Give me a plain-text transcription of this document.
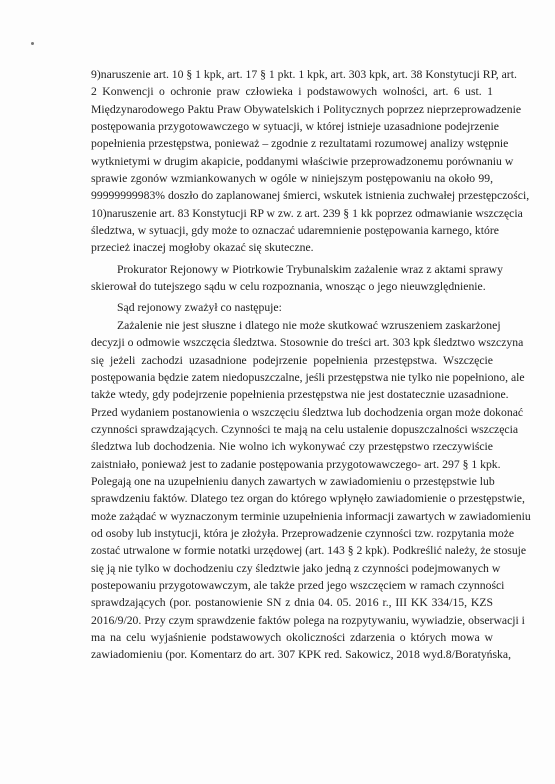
9)naruszenie art. 10 § 1 kpk, art. 17 § 1 pkt. 1 kpk, art. 303 kpk, art. 38 Konstytucji RP, art.

2 Konwencji o ochronie praw człowieka i podstawowych wolności, art. 6 ust. 1

Międzynarodowego Paktu Praw Obywatelskich i Politycznych poprzez nieprzeprowadzenie

postępowania przygotowawczego w sytuacji, w której istnieje uzasadnione podejrzenie

popełnienia przestępstwa, ponieważ – zgodnie z rezultatami rozumowej analizy wstępnie

wytknietymi w drugim akapicie, poddanymi właściwie przeprowadzonemu porównaniu w

sprawie zgonów wzmiankowanych w ogóle w niniejszym postępowaniu na około 99,

99999999983% doszło do zaplanowanej śmierci, wskutek istnienia zuchwałej przestępczości,

10)naruszenie art. 83 Konstytucji RP w zw. z art. 239 § 1 kk poprzez odmawianie wszczęcia

śledztwa, w sytuacji, gdy może to oznaczać udaremnienie postępowania karnego, które

przecież inaczej mogłoby okazać się skuteczne.

Prokurator Rejonowy w Piotrkowie Trybunalskim zażalenie wraz z aktami sprawy

skierował do tutejszego sądu w celu rozpoznania, wnosząc o jego nieuwzględnienie.

Sąd rejonowy zważył co następuje:

Zażalenie nie jest słuszne i dlatego nie może skutkować wzruszeniem zaskarżonej

decyzji o odmowie wszczęcia śledztwa. Stosownie do treści art. 303 kpk śledztwo wszczyna

się jeżeli zachodzi uzasadnione podejrzenie popełnienia przestępstwa. Wszczęcie

postępowania będzie zatem niedopuszczalne, jeśli przestępstwa nie tylko nie popełniono, ale

także wtedy, gdy podejrzenie popełnienia przestępstwa nie jest dostatecznie uzasadnione.

Przed wydaniem postanowienia o wszczęciu śledztwa lub dochodzenia organ może dokonać

czynności sprawdzających. Czynności te mają na celu ustalenie dopuszczalności wszczęcia

śledztwa lub dochodzenia. Nie wolno ich wykonywać czy przestępstwo rzeczywiście

zaistniało, ponieważ jest to zadanie postępowania przygotowawczego- art. 297 § 1 kpk.

Polegają one na uzupełnieniu danych zawartych w zawiadomieniu o przestępstwie lub

sprawdzeniu faktów. Dlatego tez organ do którego wpłynęło zawiadomienie o przestępstwie,

może zażądać w wyznaczonym terminie uzupełnienia informacji zawartych w zawiadomieniu

od osoby lub instytucji, która je złożyła. Przeprowadzenie czynności tzw. rozpytania może

zostać utrwalone w formie notatki urzędowej (art. 143 § 2 kpk). Podkreślić należy, że stosuje

się ją nie tylko w dochodzeniu czy śledztwie jako jedną z czynności podejmowanych w

postepowaniu przygotowawczym, ale także przed jego wszczęciem w ramach czynności

sprawdzających (por. postanowienie SN z dnia 04. 05. 2016 r., III KK 334/15, KZS

2016/9/20. Przy czym sprawdzenie faktów polega na rozpytywaniu, wywiadzie, obserwacji i

ma na celu wyjaśnienie podstawowych okoliczności zdarzenia o których mowa w

zawiadomieniu (por. Komentarz do art. 307 KPK red. Sakowicz, 2018 wyd.8/Boratyńska,
